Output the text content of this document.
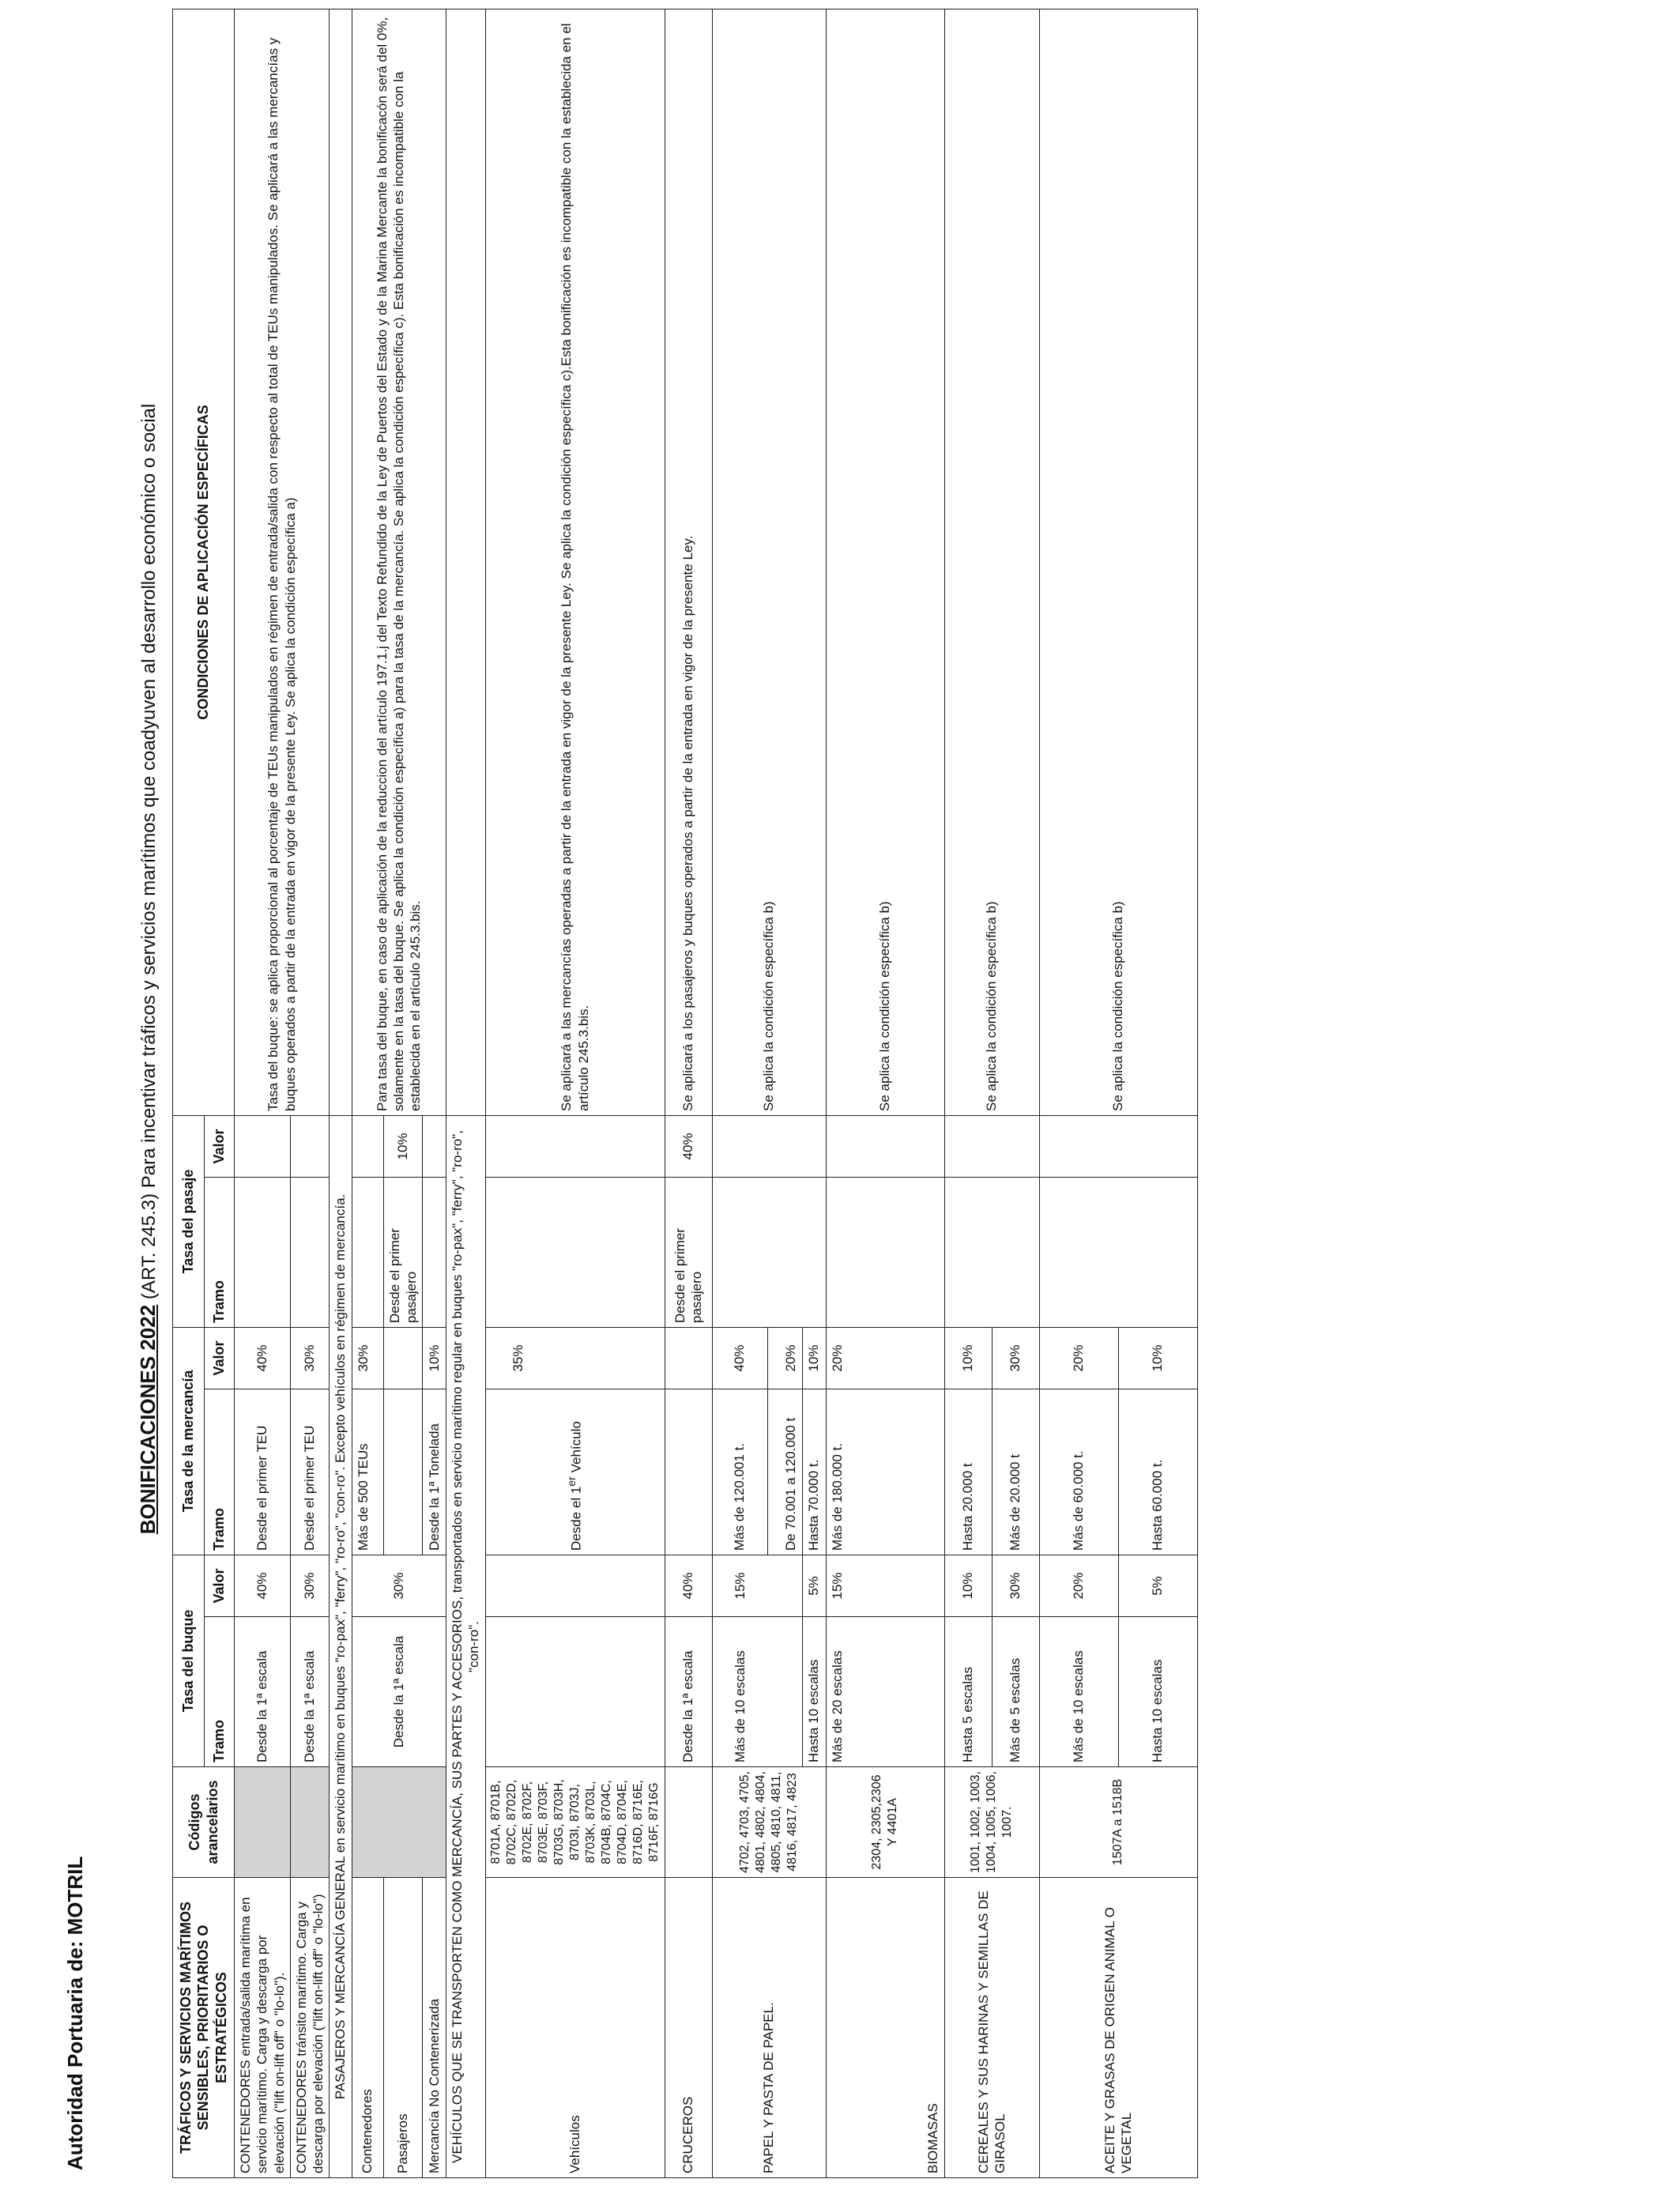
Autoridad Portuaria de: MOTRIL
BONIFICACIONES 2022 (ART. 245.3) Para incentivar tráficos y servicios marítimos que coadyuven al desarrollo económico o social
TRÁFICOS Y SERVICIOS MARÍTIMOS SENSIBLES, PRIORITARIOS O ESTRATÉGICOS	Códigos arancelarios	Tasa del buque		Tasa de la mercancía		Tasa del pasaje		CONDICIONES DE APLICACIÓN ESPECÍFICAS
		Tramo	Valor	Tramo	Valor	Tramo	Valor	
CONTENEDORES entrada/salida marítima en servicio marítimo. Carga y descarga por elevación ("lift on-lift off" o "lo-lo").		Desde la 1ª escala	40%	Desde el primer TEU	40%			Tasa del buque: se aplica proporcional al porcentaje de TEUs manipulados en régimen de entrada/salida con respecto al total de TEUs manipulados. Se aplicará a las mercancías y buques operados a partir de la entrada en vigor de la presente Ley. Se aplica la condición específica a)
CONTENEDORES tránsito marítimo. Carga y descarga por elevación ("lift on-lift off" o "lo-lo")		Desde la 1ª escala	30%	Desde el primer TEU	30%			
PASAJEROS Y MERCANCÍA GENERAL en servicio marítimo en buques "ro-pax", "ferry", "ro-ro", "con-ro". Excepto vehículos en régimen de mercancía.								
Contenedores		Desde la 1ª escala	30%	Más de 500 TEUs	30%			Para tasa del buque, en caso de aplicación de la reduccion del artículo 197.1.j del Texto Refundido de la Ley de Puertos del Estado y de la Marina Mercante la bonificacón será del 0%, solamente en la tasa del buque. Se aplica la condición específica a) para la tasa de la mercancía. Se aplica la condición específica c). Esta bonificación es incompatible con la establecida en el artículo 245.3.bis.
Pasajeros						Desde el primer pasajero	10%	
Mercancía No Contenerizada				Desde la 1ª Tonelada	10%			
VEHÍCULOS QUE SE TRANSPORTEN COMO MERCANCÍA, SUS PARTES Y ACCESORIOS, transportados en servicio marítimo regular en buques "ro-pax", "ferry", "ro-ro", "con-ro".								
Vehículos	8701A, 8701B, 8702C, 8702D, 8702E, 8702F, 8703E, 8703F, 8703G, 8703H, 8703I, 8703J, 8703K, 8703L, 8704B, 8704C, 8704D, 8704E, 8716D, 8716E, 8716F, 8716G			Desde el 1er Vehículo	35%			Se aplicará a las mercancías operadas a partir de la entrada en vigor de la presente Ley. Se aplica la condición específica c).Esta bonificación es incompatible con la establecida en el artículo 245.3.bis.
CRUCEROS		Desde la 1ª escala	40%			Desde el primer pasajero	40%	Se aplicará a los pasajeros y buques operados a partir de la entrada en vigor de la presente Ley.
PAPEL Y PASTA DE PAPEL.	4702, 4703, 4705, 4801, 4802, 4804, 4805, 4810, 4811, 4816, 4817, 4823	Más de 10 escalas	15%	Más de 120.001 t.	40%			Se aplica la condición específica b)
				De 70.001 a 120.000 t	20%			
		Hasta 10 escalas	5%	Hasta 70.000 t.	10%			
BIOMASAS	2304, 2305,2306 Y 4401A	Más de 20 escalas	15%	Más de 180.000 t.	20%			Se aplica la condición específica b)
CEREALES Y SUS HARINAS Y SEMILLAS DE GIRASOL	1001, 1002, 1003, 1004, 1005, 1006, 1007.	Hasta 5 escalas	10%	Hasta 20.000 t	10%			Se aplica la condición específica b)
		Más de 5 escalas	30%	Más de 20.000 t	30%			
ACEITE Y GRASAS DE ORIGEN ANIMAL O VEGETAL	1507A a 1518B	Más de 10 escalas	20%	Más de 60.000 t.	20%			Se aplica la condición específica b)
		Hasta 10 escalas	5%	Hasta 60.000 t.	10%			
